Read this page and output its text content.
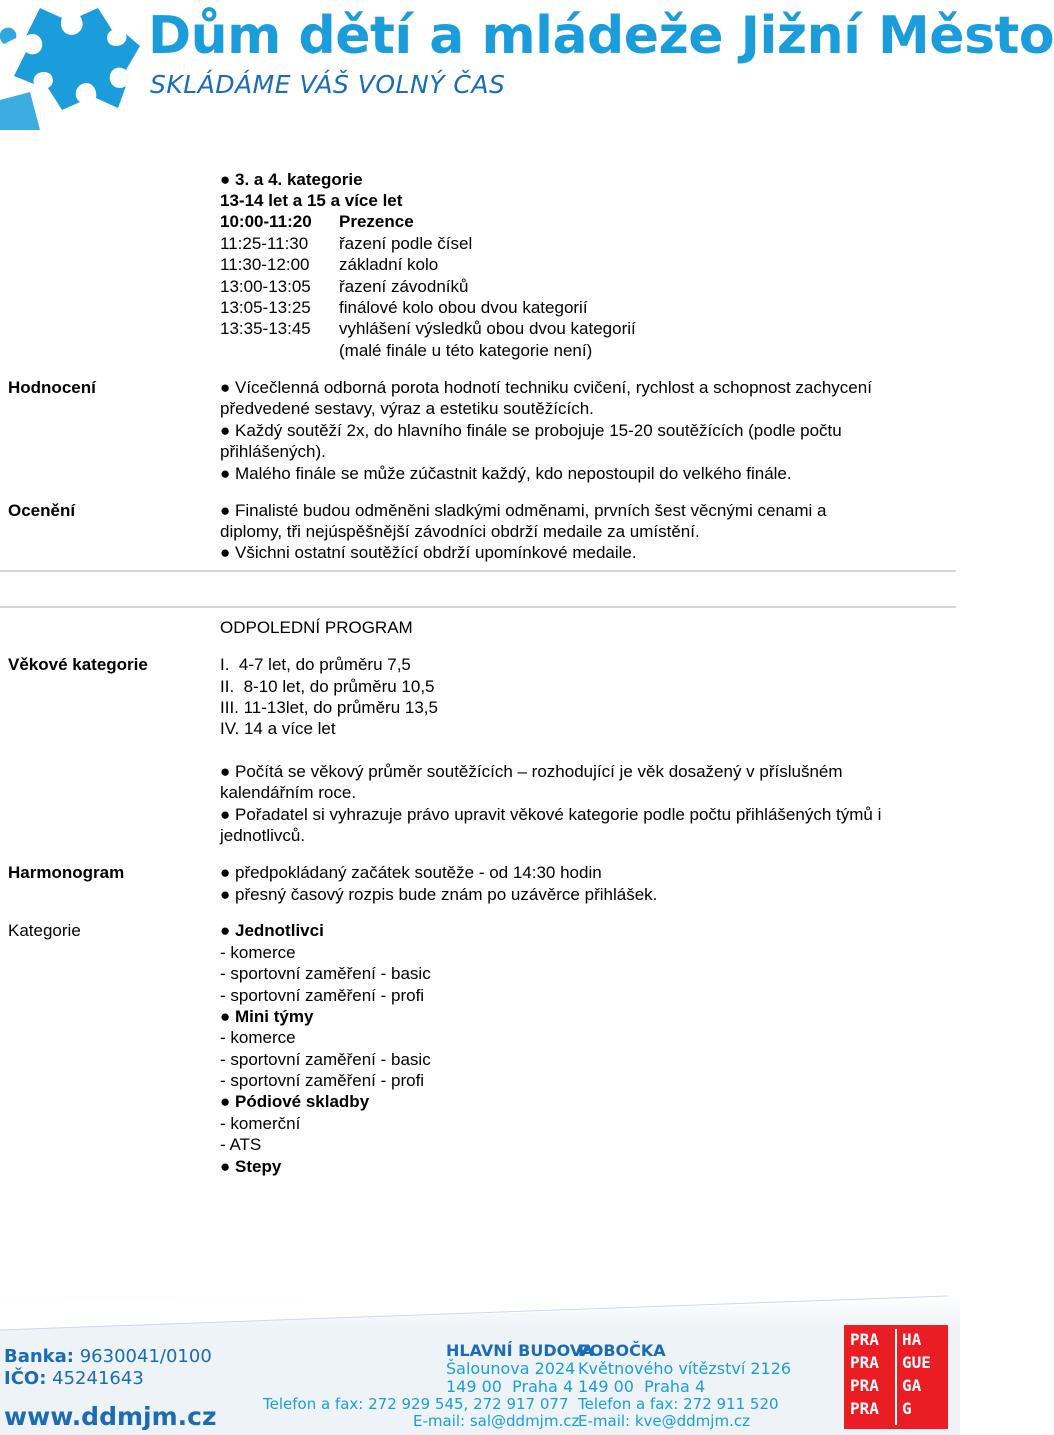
Dům dětí a mládeže Jižní Město
SKLÁDÁME VÁŠ VOLNÝ ČAS
● 3. a 4. kategorie
13-14 let a 15 a více let
10:00-11:20 Prezence
11:25-11:30 řazení podle čísel
11:30-12:00 základní kolo
13:00-13:05 řazení závodníků
13:05-13:25 finálové kolo obou dvou kategorií
13:35-13:45 vyhlášení výsledků obou dvou kategorií
(malé finále u této kategorie není)
Hodnocení	● Vícečlenná odborná porota hodnotí techniku cvičení, rychlost a schopnost zachycení
předvedené sestavy, výraz a estetiku soutěžících.
● Každý soutěží 2x, do hlavního finále se probojuje 15-20 soutěžících (podle počtu
přihlášených).
● Malého finále se může zúčastnit každý, kdo nepostoupil do velkého finále.
Ocenění	● Finalisté budou odměněni sladkými odměnami, prvních šest věcnými cenami a
diplomy, tři nejúspěšnější závodníci obdrží medaile za umístění.
● Všichni ostatní soutěžící obdrží upomínkové medaile.
ODPOLEDNÍ PROGRAM
Věkové kategorie	I.  4-7 let, do průměru 7,5
II.  8-10 let, do průměru 10,5
III. 11-13let, do průměru 13,5
IV. 14 a více let
● Počítá se věkový průměr soutěžících – rozhodující je věk dosažený v příslušném
kalendářním roce.
● Pořadatel si vyhrazuje právo upravit věkové kategorie podle počtu přihlášených týmů i
jednotlivců.
Harmonogram	● předpokládaný začátek soutěže - od 14:30 hodin
● přesný časový rozpis bude znám po uzávěrce přihlášek.
Kategorie	● Jednotlivci
- komerce
- sportovní zaměření - basic
- sportovní zaměření - profi
● Mini týmy
- komerce
- sportovní zaměření - basic
- sportovní zaměření - profi
● Pódiové skladby
- komerční
- ATS
● Stepy
Banka: 9630041/0100
IČO: 45241643
www.ddmjm.cz
HLAVNÍ BUDOVA
Šalounova 2024
149 00  Praha 4
Telefon a fax: 272 929 545, 272 917 077
E-mail: sal@ddmjm.cz
POBOČKA
Květnového vítězství 2126
149 00  Praha 4
Telefon a fax: 272 911 520
E-mail: kve@ddmjm.cz
PRA
PRA
PRA
PRA
HA
GUE
GA
G
